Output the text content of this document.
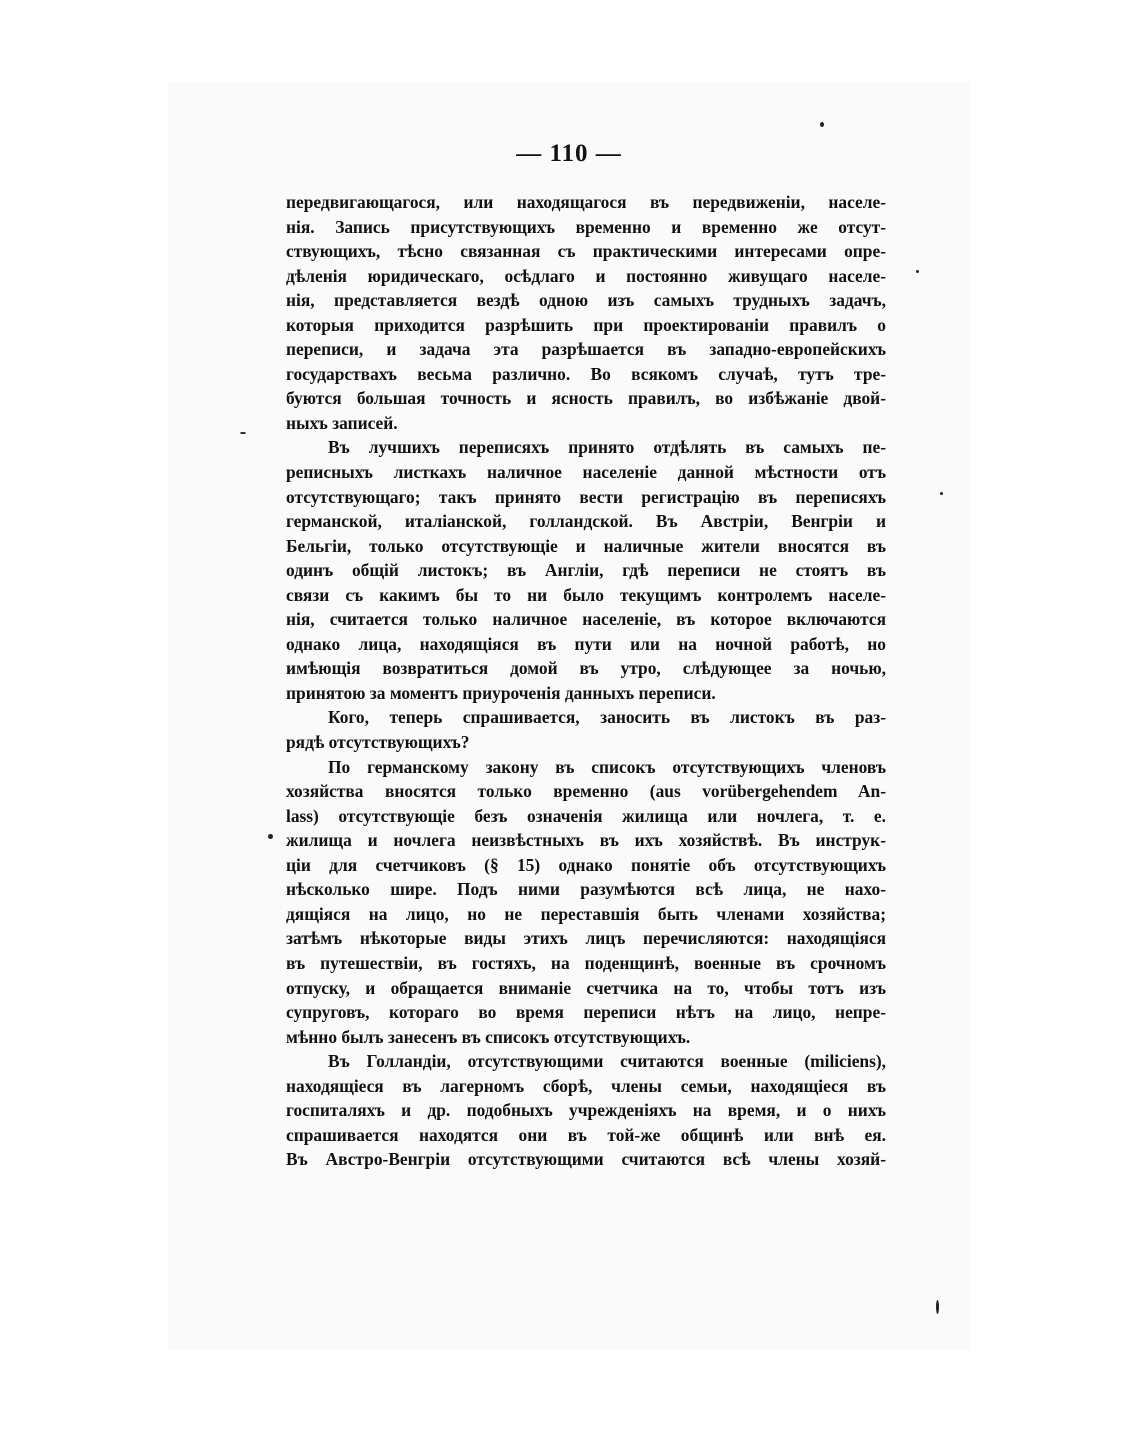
— 110 —
передвигающагося, или находящагося въ передвиженіи, населе-
нія. Запись присутствующихъ временно и временно же отсут-
ствующихъ, тѣсно связанная съ практическими интересами опре-
дѣленія юридическаго, осѣдлаго и постоянно живущаго населе-
нія, представляется вездѣ одною изъ самыхъ трудныхъ задачъ,
которыя приходится разрѣшить при проектированіи правилъ о
переписи, и задача эта разрѣшается въ западно-европейскихъ
государствахъ весьма различно. Во всякомъ случаѣ, тутъ тре-
буются большая точность и ясность правилъ, во избѣжаніе двой-
ныхъ записей.
Въ лучшихъ переписяхъ принято отдѣлять въ самыхъ пе-
реписныхъ листкахъ наличное населеніе данной мѣстности отъ
отсутствующаго; такъ принято вести регистрацію въ переписяхъ
германской, италіанской, голландской. Въ Австріи, Венгріи и
Бельгіи, только отсутствующіе и наличные жители вносятся въ
одинъ общій листокъ; въ Англіи, гдѣ переписи не стоятъ въ
связи съ какимъ бы то ни было текущимъ контролемъ населе-
нія, считается только наличное населеніе, въ которое включаются
однако лица, находящіяся въ пути или на ночной работѣ, но
имѣющія возвратиться домой въ утро, слѣдующее за ночью,
принятою за моментъ приуроченія данныхъ переписи.
Кого, теперь спрашивается, заносить въ листокъ въ раз-
рядѣ отсутствующихъ?
По германскому закону въ списокъ отсутствующихъ членовъ
хозяйства вносятся только временно (aus vorübergehendem An-
lass) отсутствующіе безъ означенія жилища или ночлега, т. е.
жилища и ночлега неизвѣстныхъ въ ихъ хозяйствѣ. Въ инструк-
ціи для счетчиковъ (§ 15) однако понятіе объ отсутствующихъ
нѣсколько шире. Подъ ними разумѣются всѣ лица, не нахо-
дящіяся на лицо, но не переставшія быть членами хозяйства;
затѣмъ нѣкоторые виды этихъ лицъ перечисляются: находящіяся
въ путешествіи, въ гостяхъ, на поденщинѣ, военные въ срочномъ
отпуску, и обращается вниманіе счетчика на то, чтобы тотъ изъ
супруговъ, котораго во время переписи нѣтъ на лицо, непре-
мѣнно былъ занесенъ въ списокъ отсутствующихъ.
Въ Голландіи, отсутствующими считаются военные (miliciens),
находящіеся въ лагерномъ сборѣ, члены семьи, находящіеся въ
госпиталяхъ и др. подобныхъ учрежденіяхъ на время, и о нихъ
спрашивается находятся они въ той-же общинѣ или внѣ ея.
Въ Австро-Венгріи отсутствующими считаются всѣ члены хозяй-
